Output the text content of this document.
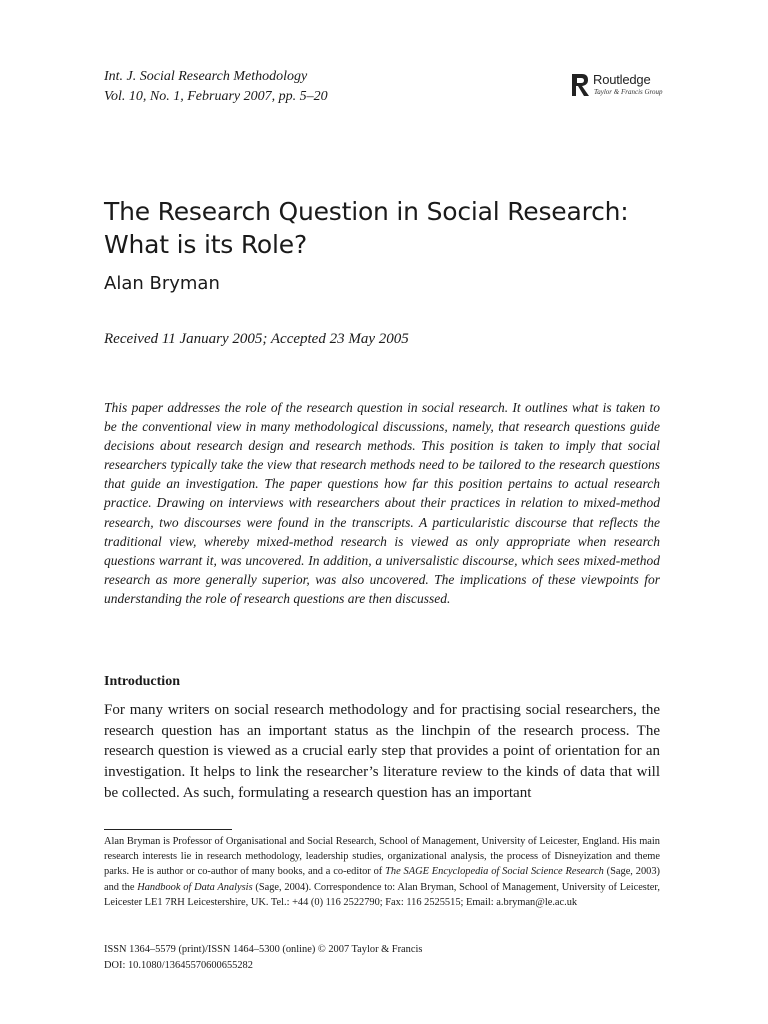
Int. J. Social Research Methodology
Vol. 10, No. 1, February 2007, pp. 5–20
Routledge
Taylor & Francis Group
The Research Question in Social Research: What is its Role?
Alan Bryman
Received 11 January 2005; Accepted 23 May 2005

This paper addresses the role of the research question in social research. It outlines what is taken to be the conventional view in many methodological discussions, namely, that research questions guide decisions about research design and research methods. This position is taken to imply that social researchers typically take the view that research methods need to be tailored to the research questions that guide an investigation. The paper questions how far this position pertains to actual research practice. Drawing on interviews with researchers about their practices in relation to mixed-method research, two discourses were found in the transcripts. A particularistic discourse that reflects the traditional view, whereby mixed-method research is viewed as only appropriate when research questions warrant it, was uncovered. In addition, a universalistic discourse, which sees mixed-method research as more generally superior, was also uncovered. The implications of these viewpoints for understanding the role of research questions are then discussed.

Introduction

For many writers on social research methodology and for practising social researchers, the research question has an important status as the linchpin of the research process. The research question is viewed as a crucial early step that provides a point of orientation for an investigation. It helps to link the researcher’s literature review to the kinds of data that will be collected. As such, formulating a research question has an important

Alan Bryman is Professor of Organisational and Social Research, School of Management, University of Leicester, England. His main research interests lie in research methodology, leadership studies, organizational analysis, the process of Disneyization and theme parks. He is author or co-author of many books, and a co-editor of The SAGE Encyclopedia of Social Science Research (Sage, 2003) and the Handbook of Data Analysis (Sage, 2004). Correspondence to: Alan Bryman, School of Management, University of Leicester, Leicester LE1 7RH Leicestershire, UK. Tel.: +44 (0) 116 2522790; Fax: 116 2525515; Email: a.bryman@le.ac.uk

ISSN 1364–5579 (print)/ISSN 1464–5300 (online) © 2007 Taylor & Francis
DOI: 10.1080/13645570600655282
